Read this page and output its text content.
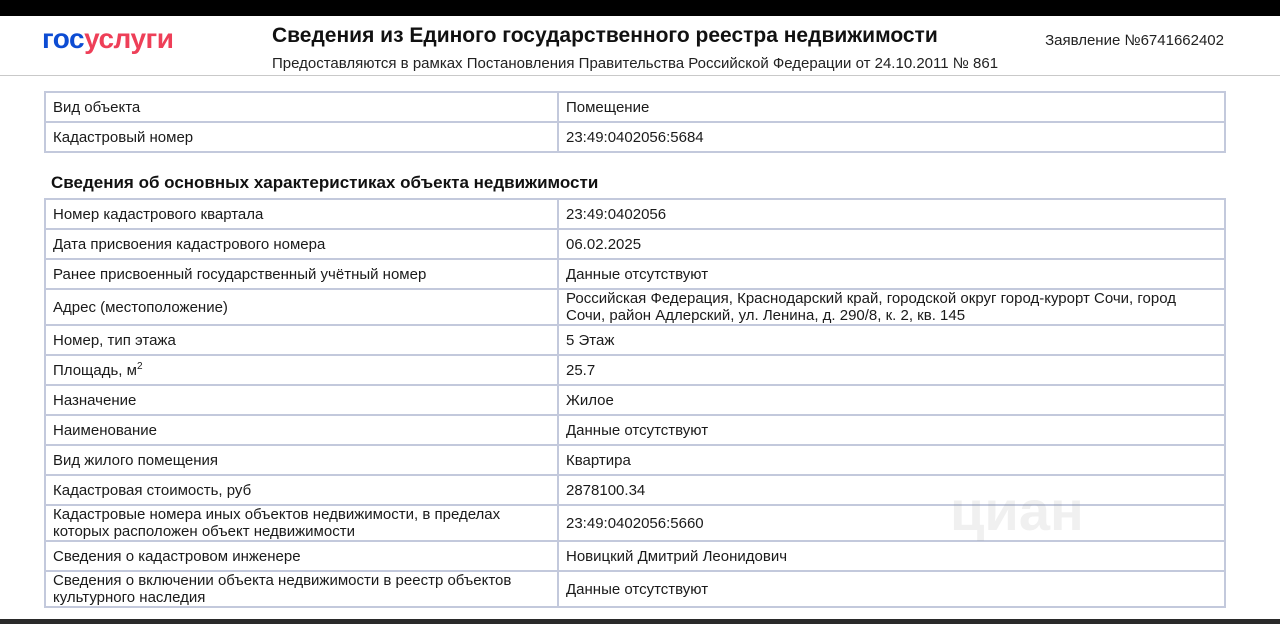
госуслуги	Сведения из Единого государственного реестра недвижимости
Предоставляются в рамках Постановления Правительства Российской Федерации от 24.10.2011 № 861
Заявление №6741662402
Вид объекта	Помещение
Кадастровый номер	23:49:0402056:5684
Сведения об основных характеристиках объекта недвижимости
Номер кадастрового квартала	23:49:0402056
Дата присвоения кадастрового номера	06.02.2025
Ранее присвоенный государственный учётный номер	Данные отсутствуют
Адрес (местоположение)	Российская Федерация, Краснодарский край, городской округ город-курорт Сочи, город Сочи, район Адлерский, ул. Ленина, д. 290/8, к. 2, кв. 145
Номер, тип этажа	5 Этаж
Площадь, $м^2$	25.7
Назначение	Жилое
Наименование	Данные отсутствуют
Вид жилого помещения	Квартира
Кадастровая стоимость, руб	2878100.34
Кадастровые номера иных объектов недвижимости, в пределах которых расположен объект недвижимости	23:49:0402056:5660
Сведения о кадастровом инженере	Новицкий Дмитрий Леонидович
Сведения о включении объекта недвижимости в реестр объектов культурного наследия	Данные отсутствуют
циан
